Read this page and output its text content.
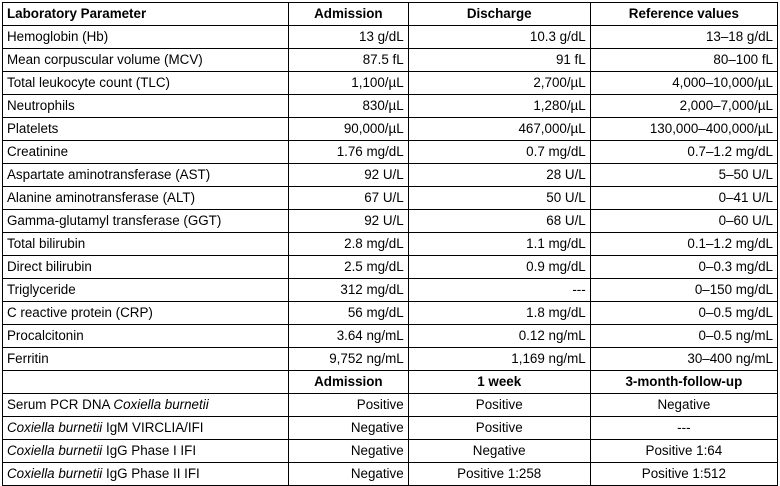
Laboratory Parameter	Admission	Discharge	Reference values
Hemoglobin (Hb)	13 g/dL	10.3 g/dL	13–18 g/dL
Mean corpuscular volume (MCV)	87.5 fL	91 fL	80–100 fL
Total leukocyte count (TLC)	1,100/µL	2,700/µL	4,000–10,000/µL
Neutrophils	830/µL	1,280/µL	2,000–7,000/µL
Platelets	90,000/µL	467,000/µL	130,000–400,000/µL
Creatinine	1.76 mg/dL	0.7 mg/dL	0.7–1.2 mg/dL
Aspartate aminotransferase (AST)	92 U/L	28 U/L	5–50 U/L
Alanine aminotransferase (ALT)	67 U/L	50 U/L	0–41 U/L
Gamma-glutamyl transferase (GGT)	92 U/L	68 U/L	0–60 U/L
Total bilirubin	2.8 mg/dL	1.1 mg/dL	0.1–1.2 mg/dL
Direct bilirubin	2.5 mg/dL	0.9 mg/dL	0–0.3 mg/dL
Triglyceride	312 mg/dL	---	0–150 mg/dL
C reactive protein (CRP)	56 mg/dL	1.8 mg/dL	0–0.5 mg/dL
Procalcitonin	3.64 ng/mL	0.12 ng/mL	0–0.5 ng/mL
Ferritin	9,752 ng/mL	1,169 ng/mL	30–400 ng/mL
	Admission	1 week	3-month-follow-up
Serum PCR DNA Coxiella burnetii	Positive	Positive	Negative
Coxiella burnetii IgM VIRCLIA/IFI	Negative	Positive	---
Coxiella burnetii IgG Phase I IFI	Negative	Negative	Positive 1:64
Coxiella burnetii IgG Phase II IFI	Negative	Positive 1:258	Positive 1:512
